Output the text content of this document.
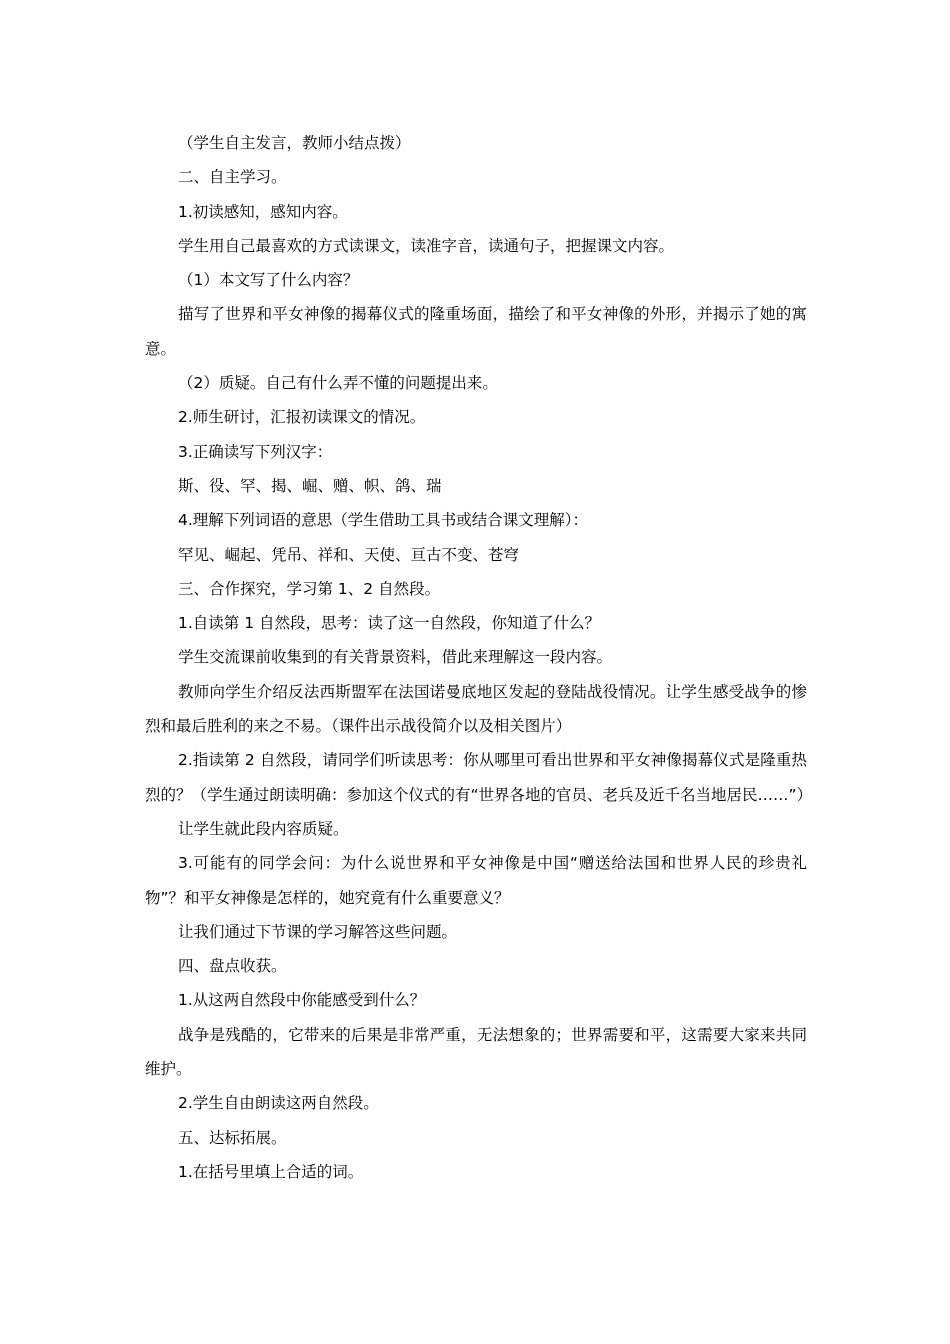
（学生自主发言，教师小结点拨）

二、自主学习。

1.初读感知，感知内容。

学生用自己最喜欢的方式读课文，读准字音，读通句子，把握课文内容。

（1）本文写了什么内容？

描写了世界和平女神像的揭幕仪式的隆重场面，描绘了和平女神像的外形，并揭示了她的寓意。

（2）质疑。自己有什么弄不懂的问题提出来。

2.师生研讨，汇报初读课文的情况。

3.正确读写下列汉字：

斯、役、罕、揭、崛、赠、帜、鸽、瑞

4.理解下列词语的意思（学生借助工具书或结合课文理解）：

罕见、崛起、凭吊、祥和、天使、亘古不变、苍穹

三、合作探究，学习第 1、2 自然段。

1.自读第 1 自然段，思考：读了这一自然段，你知道了什么？

学生交流课前收集到的有关背景资料，借此来理解这一段内容。

教师向学生介绍反法西斯盟军在法国诺曼底地区发起的登陆战役情况。让学生感受战争的惨烈和最后胜利的来之不易。（课件出示战役简介以及相关图片）

2.指读第 2 自然段，请同学们听读思考：你从哪里可看出世界和平女神像揭幕仪式是隆重热烈的？（学生通过朗读明确：参加这个仪式的有“世界各地的官员、老兵及近千名当地居民……”）

让学生就此段内容质疑。

3.可能有的同学会问：为什么说世界和平女神像是中国“赠送给法国和世界人民的珍贵礼物”？和平女神像是怎样的，她究竟有什么重要意义？

让我们通过下节课的学习解答这些问题。

四、盘点收获。

1.从这两自然段中你能感受到什么？

战争是残酷的，它带来的后果是非常严重，无法想象的；世界需要和平，这需要大家来共同维护。

2.学生自由朗读这两自然段。

五、达标拓展。

1.在括号里填上合适的词。
